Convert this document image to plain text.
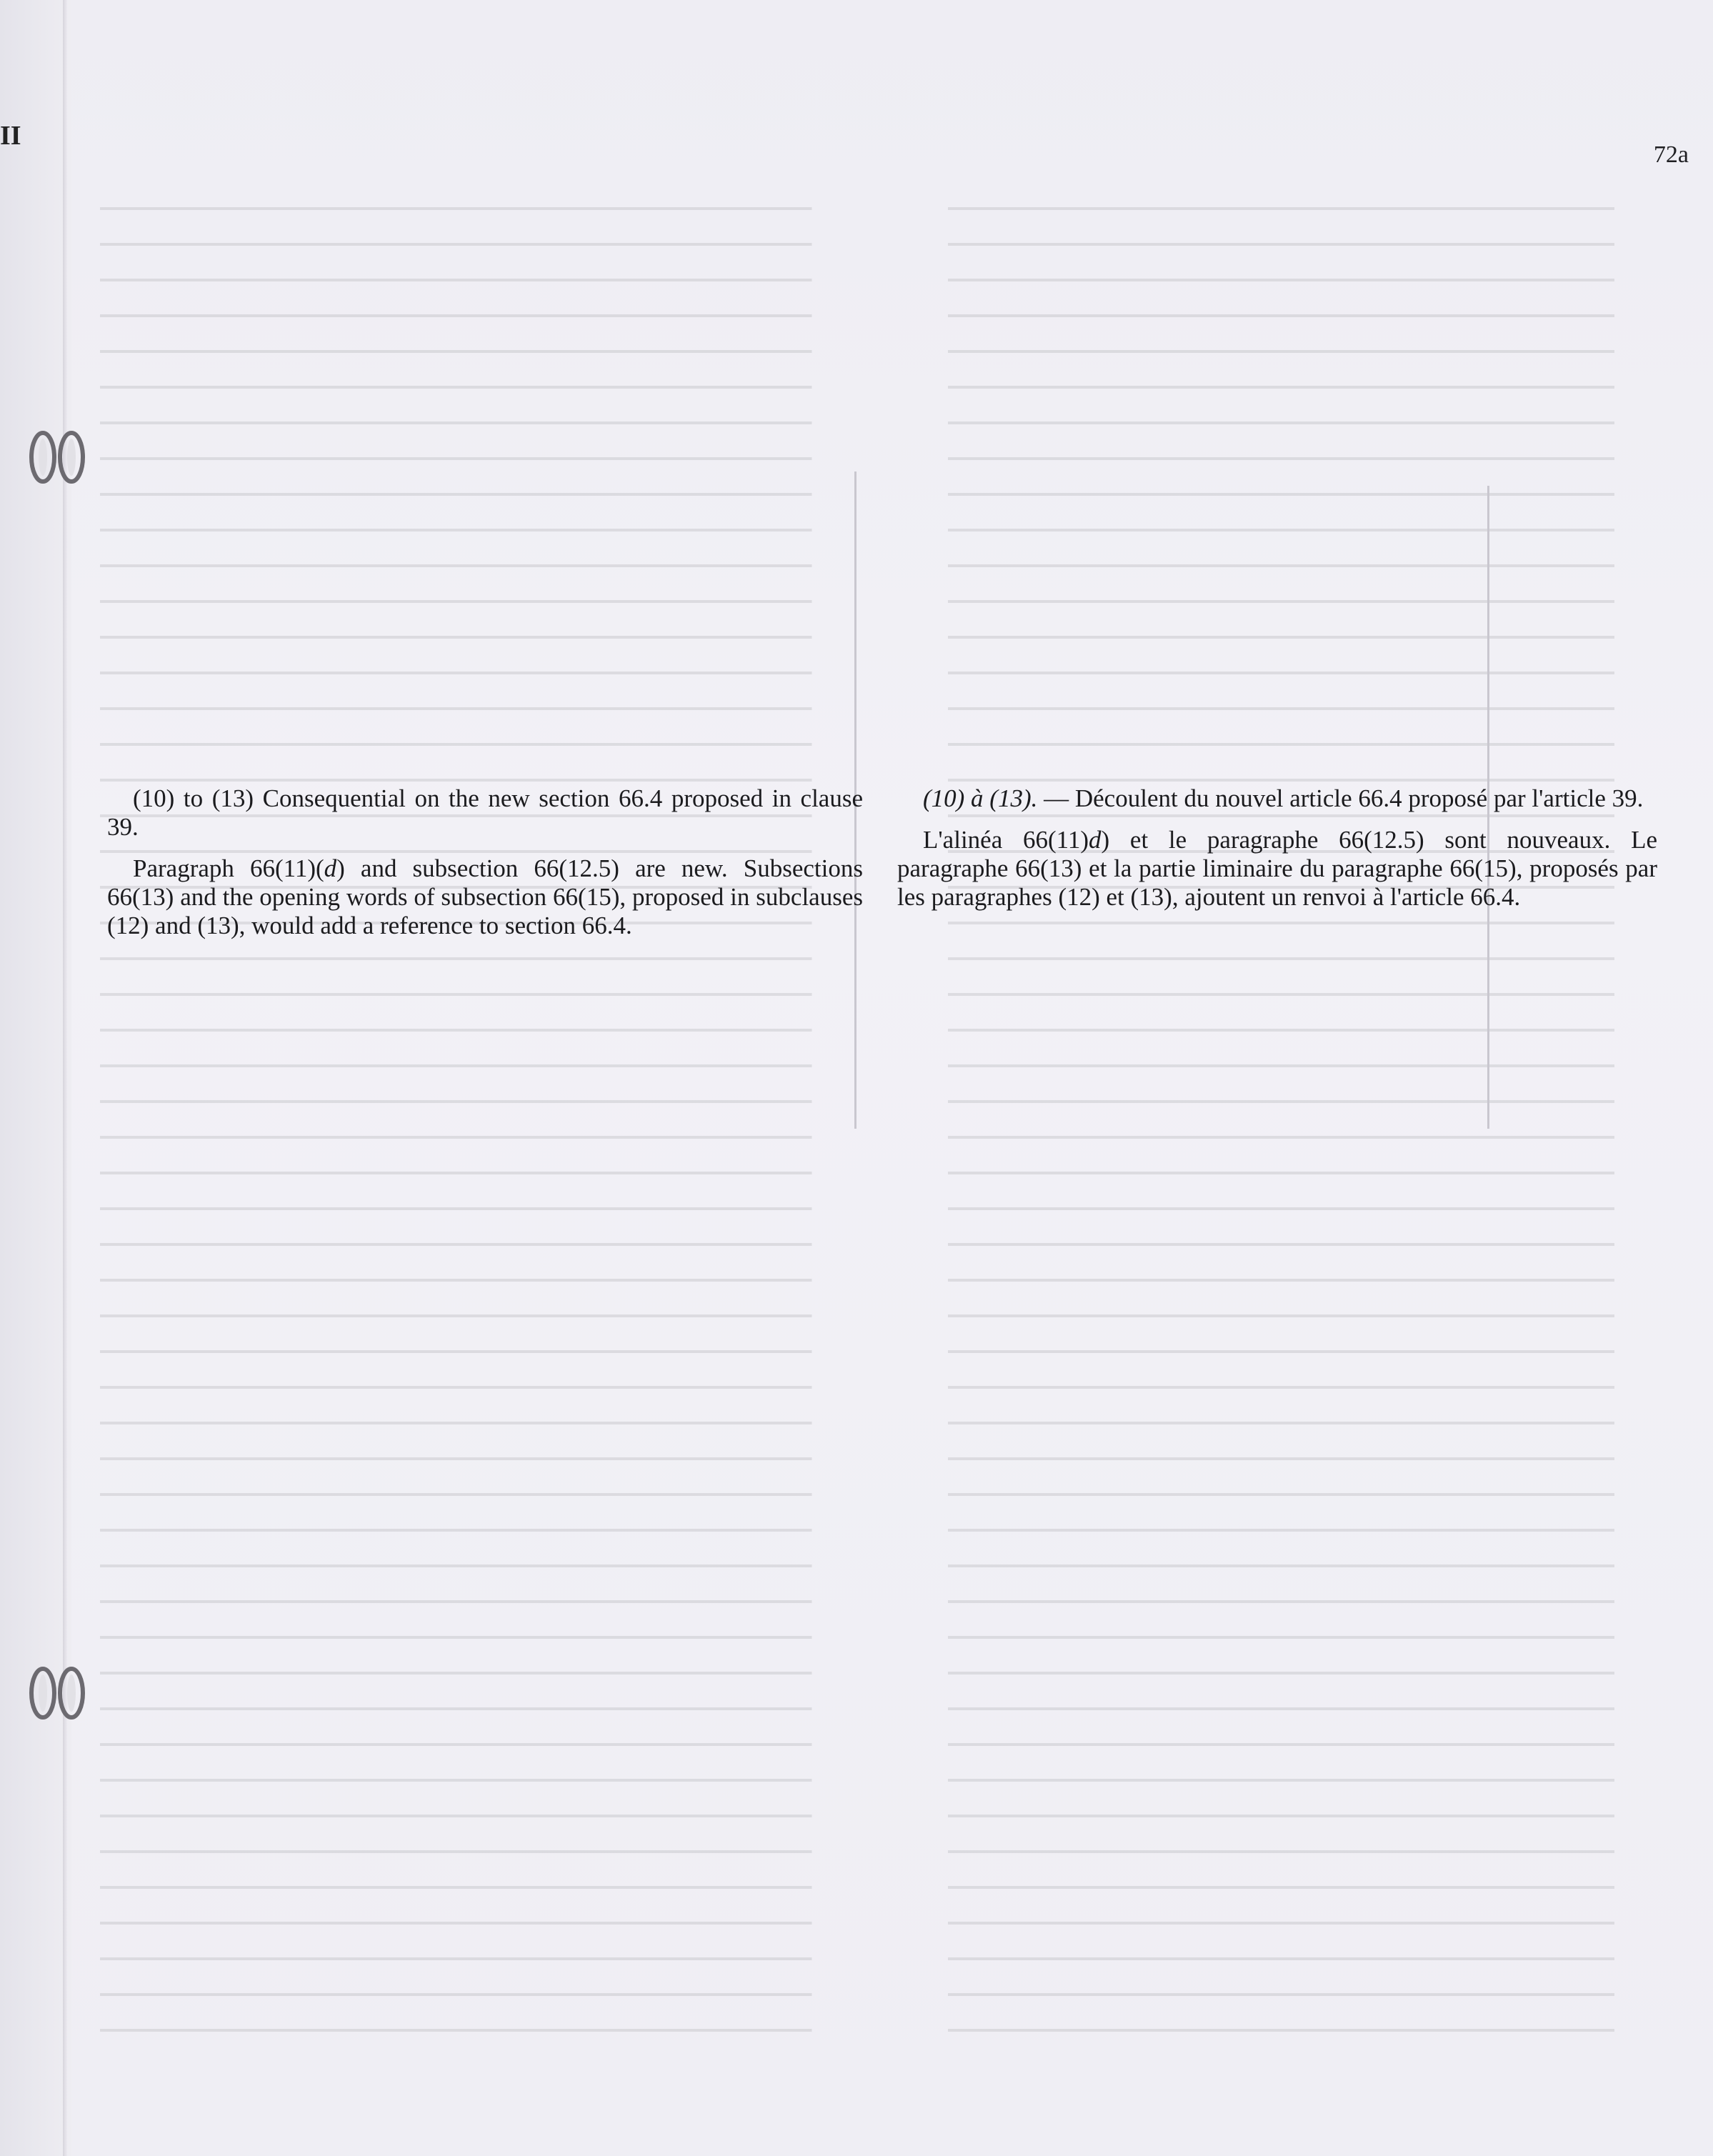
II
72a

(10) to (13) Consequential on the new section 66.4 proposed in clause 39.

Paragraph 66(11)(d) and subsection 66(12.5) are new. Subsections 66(13) and the opening words of subsection 66(15), proposed in subclauses (12) and (13), would add a reference to section 66.4.

(10) à (13). — Découlent du nouvel article 66.4 proposé par l'article 39.

L'alinéa 66(11)d) et le paragraphe 66(12.5) sont nouveaux. Le paragraphe 66(13) et la partie liminaire du paragraphe 66(15), proposés par les paragraphes (12) et (13), ajoutent un renvoi à l'article 66.4.
